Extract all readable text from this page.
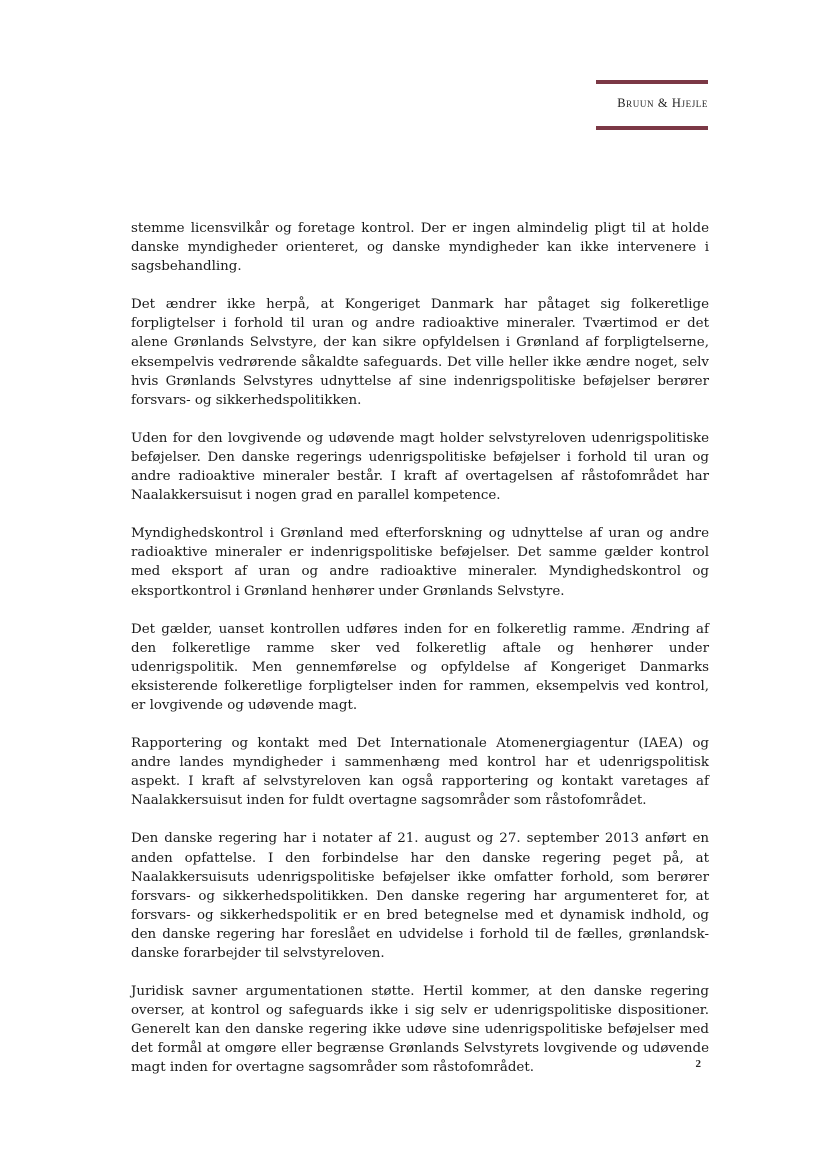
Bruun & Hjejle

stemme licensvilkår og foretage kontrol. Der er ingen almindelig pligt til at holde danske myndigheder orienteret, og danske myndigheder kan ikke intervenere i sagsbehandling.

Det ændrer ikke herpå, at Kongeriget Danmark har påtaget sig folkeretlige forpligtelser i forhold til uran og andre radioaktive mineraler. Tværtimod er det alene Grønlands Selvstyre, der kan sikre opfyldelsen i Grønland af forpligtelserne, eksempelvis vedrørende såkaldte safeguards. Det ville heller ikke ændre noget, selv hvis Grønlands Selvstyres udnyttelse af sine indenrigspolitiske beføjelser berører forsvars- og sikkerhedspolitikken.

Uden for den lovgivende og udøvende magt holder selvstyreloven udenrigspolitiske beføjelser. Den danske regerings udenrigspolitiske beføjelser i forhold til uran og andre radioaktive mineraler består. I kraft af overtagelsen af råstofområdet har Naalakkersuisut i nogen grad en parallel kompetence.

Myndighedskontrol i Grønland med efterforskning og udnyttelse af uran og andre radioaktive mineraler er indenrigspolitiske beføjelser. Det samme gælder kontrol med eksport af uran og andre radioaktive mineraler. Myndighedskontrol og eksportkontrol i Grønland henhører under Grønlands Selvstyre.

Det gælder, uanset kontrollen udføres inden for en folkeretlig ramme. Ændring af den folkeretlige ramme sker ved folkeretlig aftale og henhører under udenrigspolitik. Men gennemførelse og opfyldelse af Kongeriget Danmarks eksisterende folkeretlige forpligtelser inden for rammen, eksempelvis ved kontrol, er lovgivende og udøvende magt.

Rapportering og kontakt med Det Internationale Atomenergiagentur (IAEA) og andre landes myndigheder i sammenhæng med kontrol har et udenrigspolitisk aspekt. I kraft af selvstyreloven kan også rapportering og kontakt varetages af Naalakkersuisut inden for fuldt overtagne sagsområder som råstofområdet.

Den danske regering har i notater af 21. august og 27. september 2013 anført en anden opfattelse. I den forbindelse har den danske regering peget på, at Naalakkersuisuts udenrigspolitiske beføjelser ikke omfatter forhold, som berører forsvars- og sikkerhedspolitikken. Den danske regering har argumenteret for, at forsvars- og sikkerhedspolitik er en bred betegnelse med et dynamisk indhold, og den danske regering har foreslået en udvidelse i forhold til de fælles, grønlandsk-danske forarbejder til selvstyreloven.

Juridisk savner argumentationen støtte. Hertil kommer, at den danske regering overser, at kontrol og safeguards ikke i sig selv er udenrigspolitiske dispositioner. Generelt kan den danske regering ikke udøve sine udenrigspolitiske beføjelser med det formål at omgøre eller begrænse Grønlands Selvstyrets lovgivende og udøvende magt inden for overtagne sagsområder som råstofområdet.	2
